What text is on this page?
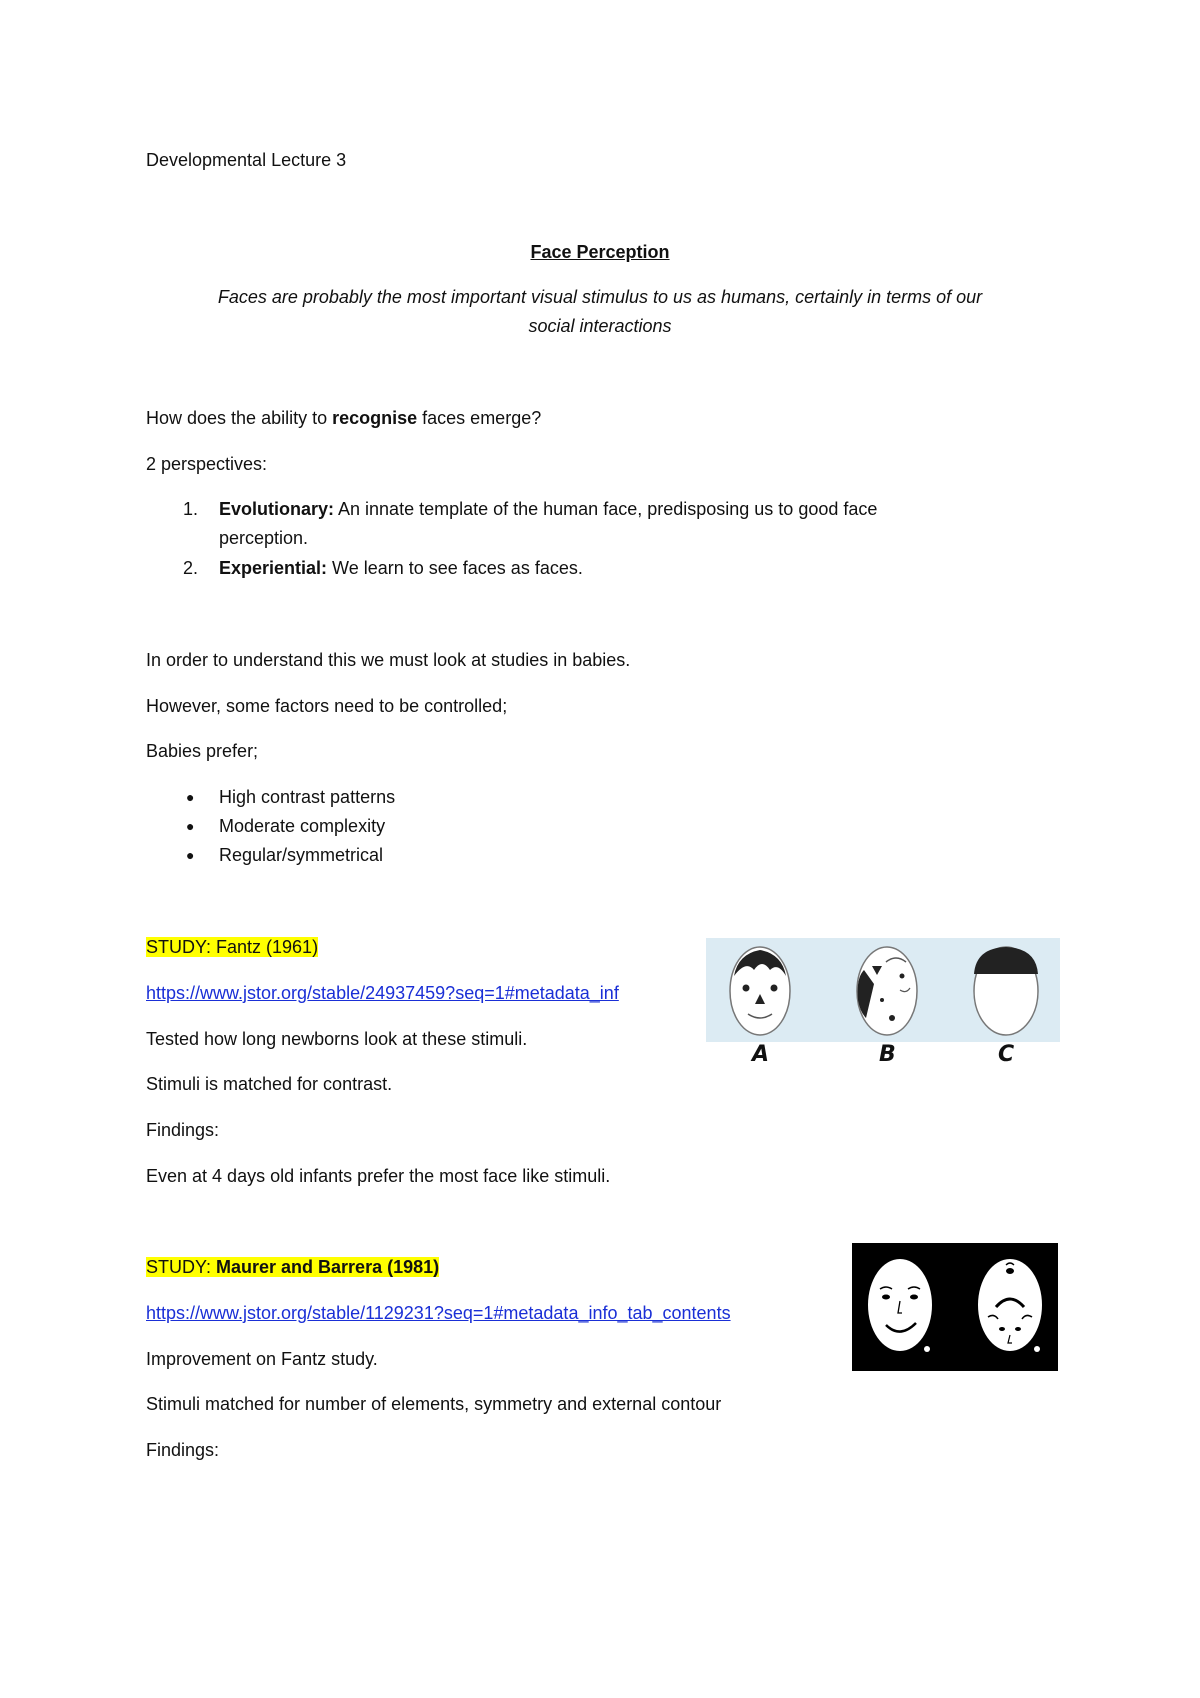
Developmental Lecture 3
Face Perception
Faces are probably the most important visual stimulus to us as humans, certainly in terms of our
social interactions
How does the ability to recognise faces emerge?
2 perspectives:
1. Evolutionary: An innate template of the human face, predisposing us to good face
perception.
2. Experiential: We learn to see faces as faces.
In order to understand this we must look at studies in babies.
However, some factors need to be controlled;
Babies prefer;
● High contrast patterns
● Moderate complexity
● Regular/symmetrical
STUDY: Fantz (1961)
https://www.jstor.org/stable/24937459?seq=1#metadata_inf
Tested how long newborns look at these stimuli.
Stimuli is matched for contrast.
Findings:
Even at 4 days old infants prefer the most face like stimuli.
A	B	C
STUDY: Maurer and Barrera (1981)
https://www.jstor.org/stable/1129231?seq=1#metadata_info_tab_contents
Improvement on Fantz study.
Stimuli matched for number of elements, symmetry and external contour
Findings:
